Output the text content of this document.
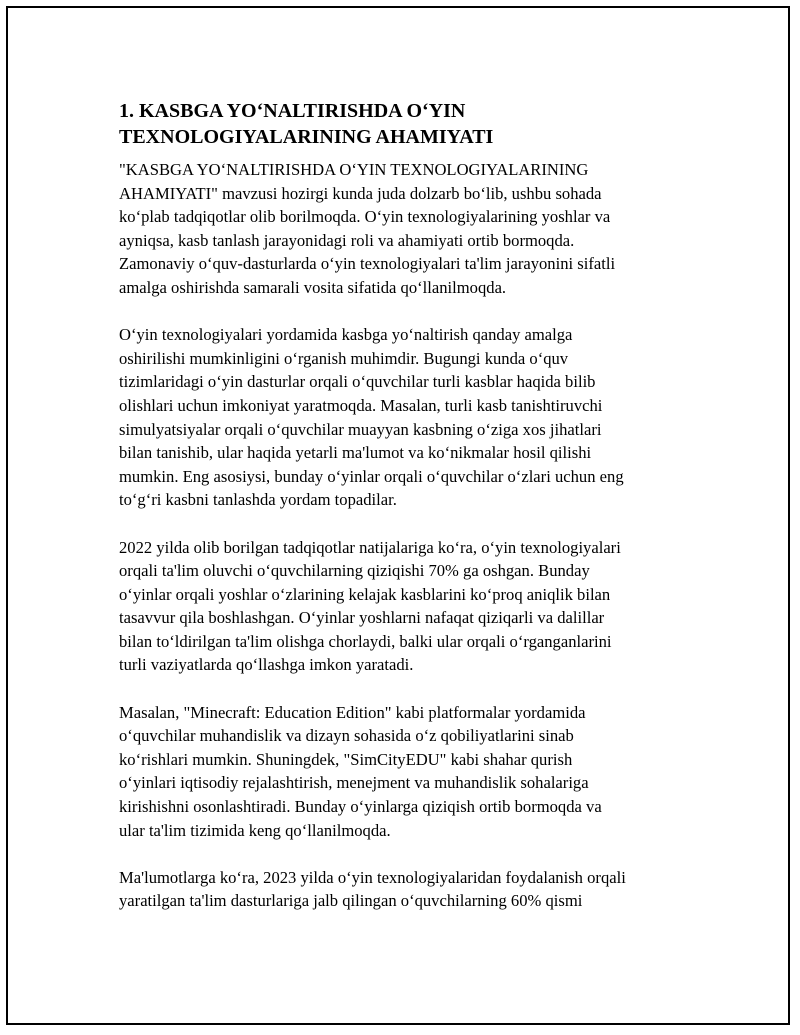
1. KASBGA YO‘NALTIRISHDA O‘YIN
TEXNOLOGIYALARINING AHAMIYATI

"KASBGA YO‘NALTIRISHDA O‘YIN TEXNOLOGIYALARINING
AHAMIYATI" mavzusi hozirgi kunda juda dolzarb bo‘lib, ushbu sohada
ko‘plab tadqiqotlar olib borilmoqda. O‘yin texnologiyalarining yoshlar va
ayniqsa, kasb tanlash jarayonidagi roli va ahamiyati ortib bormoqda.
Zamonaviy o‘quv-dasturlarda o‘yin texnologiyalari ta'lim jarayonini sifatli
amalga oshirishda samarali vosita sifatida qo‘llanilmoqda.

O‘yin texnologiyalari yordamida kasbga yo‘naltirish qanday amalga
oshirilishi mumkinligini o‘rganish muhimdir. Bugungi kunda o‘quv
tizimlaridagi o‘yin dasturlar orqali o‘quvchilar turli kasblar haqida bilib
olishlari uchun imkoniyat yaratmoqda. Masalan, turli kasb tanishtiruvchi
simulyatsiyalar orqali o‘quvchilar muayyan kasbning o‘ziga xos jihatlari
bilan tanishib, ular haqida yetarli ma'lumot va ko‘nikmalar hosil qilishi
mumkin. Eng asosiysi, bunday o‘yinlar orqali o‘quvchilar o‘zlari uchun eng
to‘g‘ri kasbni tanlashda yordam topadilar.

2022 yilda olib borilgan tadqiqotlar natijalariga ko‘ra, o‘yin texnologiyalari
orqali ta'lim oluvchi o‘quvchilarning qiziqishi 70% ga oshgan. Bunday
o‘yinlar orqali yoshlar o‘zlarining kelajak kasblarini ko‘proq aniqlik bilan
tasavvur qila boshlashgan. O‘yinlar yoshlarni nafaqat qiziqarli va dalillar
bilan to‘ldirilgan ta'lim olishga chorlaydi, balki ular orqali o‘rganganlarini
turli vaziyatlarda qo‘llashga imkon yaratadi.

Masalan, "Minecraft: Education Edition" kabi platformalar yordamida
o‘quvchilar muhandislik va dizayn sohasida o‘z qobiliyatlarini sinab
ko‘rishlari mumkin. Shuningdek, "SimCityEDU" kabi shahar qurish
o‘yinlari iqtisodiy rejalashtirish, menejment va muhandislik sohalariga
kirishishni osonlashtiradi. Bunday o‘yinlarga qiziqish ortib bormoqda va
ular ta'lim tizimida keng qo‘llanilmoqda.

Ma'lumotlarga ko‘ra, 2023 yilda o‘yin texnologiyalaridan foydalanish orqali
yaratilgan ta'lim dasturlariga jalb qilingan o‘quvchilarning 60% qismi
